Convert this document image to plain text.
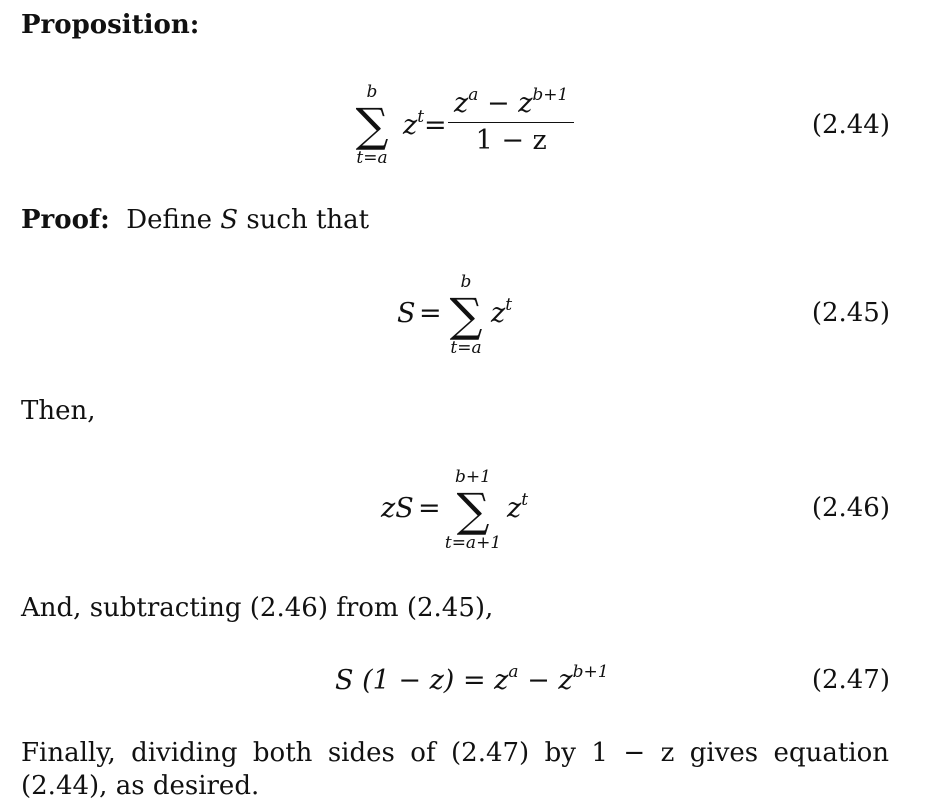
Proposition:
b
∑
t=a
$z^t$ =
$z^a - z^{b+1}$
1 − z	(2.44)
Proof: Define S such that
S =
b
∑
t=a
$z^t$	(2.45)
Then,
zS =
b+1
∑
t=a+1
$z^t$	(2.46)
And, subtracting (2.46) from (2.45),
S $(1 - z) = z^a - z^{b+1}$	(2.47)
Finally, dividing both sides of (2.47) by 1 − z gives equation (2.44), as desired.
